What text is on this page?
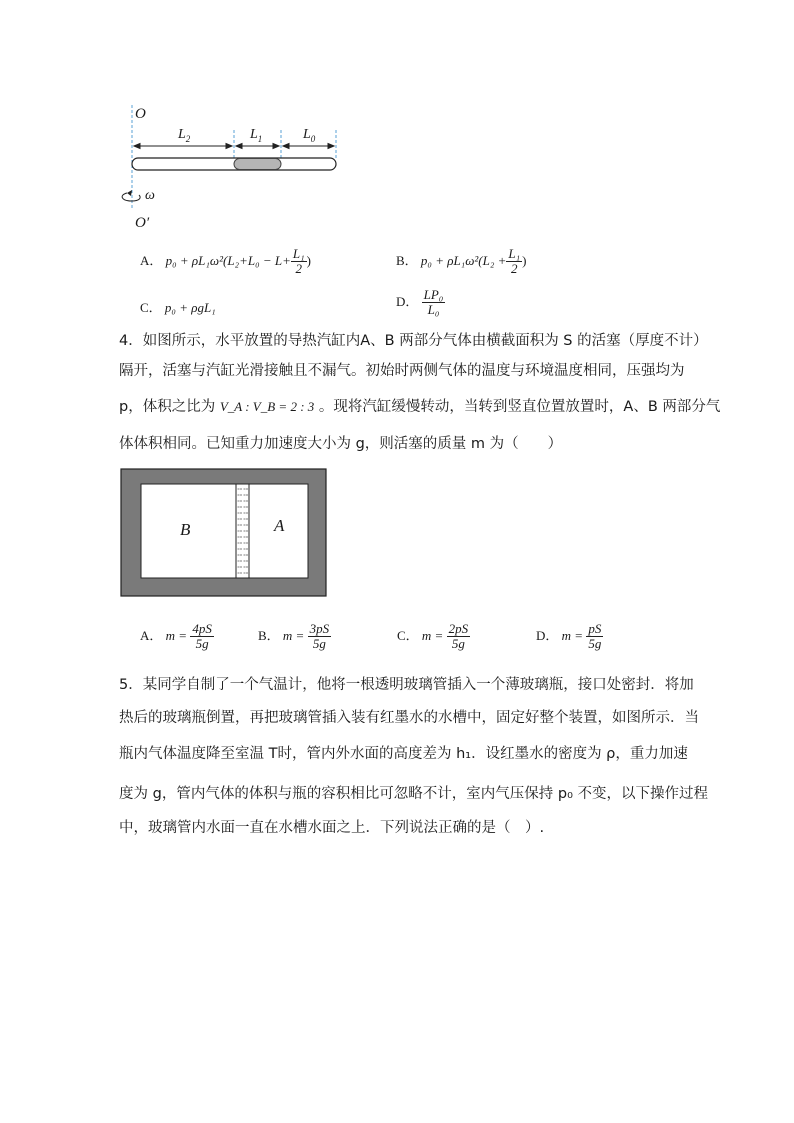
O
ω
O′
$L_2$	$L_1$	$L_0$
A． $p_0 + \rho L_1\omega^2(L_2+L_0 - L+ \frac{\text{L₁}}{2}$ )	B． $p_0 + \rho L_1\omega^2(L_2 + \frac{\text{L₁}}{2}$ )
C． p₀ + ρgL₁	D． $\frac{\text{LP₀}}{\text{L₀}}$
4．如图所示，水平放置的导热汽缸内A、B 两部分气体由横截面积为 S 的活塞（厚度不计）
隔开，活塞与汽缸光滑接触且不漏气。初始时两侧气体的温度与环境温度相同，压强均为
p，体积之比为 V_A : V_B = 2 : 3 。现将汽缸缓慢转动，当转到竖直位置放置时，A、B 两部分气
体体积相同。已知重力加速度大小为 g，则活塞的质量 m 为（　　）
B	A
A． $m = \frac{4pS}{5g}$	B． $m = \frac{3pS}{5g}$	C． $m = \frac{2pS}{5g}$	D． $m = \frac{pS}{5g}$
5．某同学自制了一个气温计，他将一根透明玻璃管插入一个薄玻璃瓶，接口处密封．将加
热后的玻璃瓶倒置，再把玻璃管插入装有红墨水的水槽中，固定好整个装置，如图所示．当
瓶内气体温度降至室温 T时，管内外水面的高度差为 h₁．设红墨水的密度为 ρ，重力加速
度为 g，管内气体的体积与瓶的容积相比可忽略不计，室内气压保持 p₀ 不变，以下操作过程
中，玻璃管内水面一直在水槽水面之上．下列说法正确的是（　）.
